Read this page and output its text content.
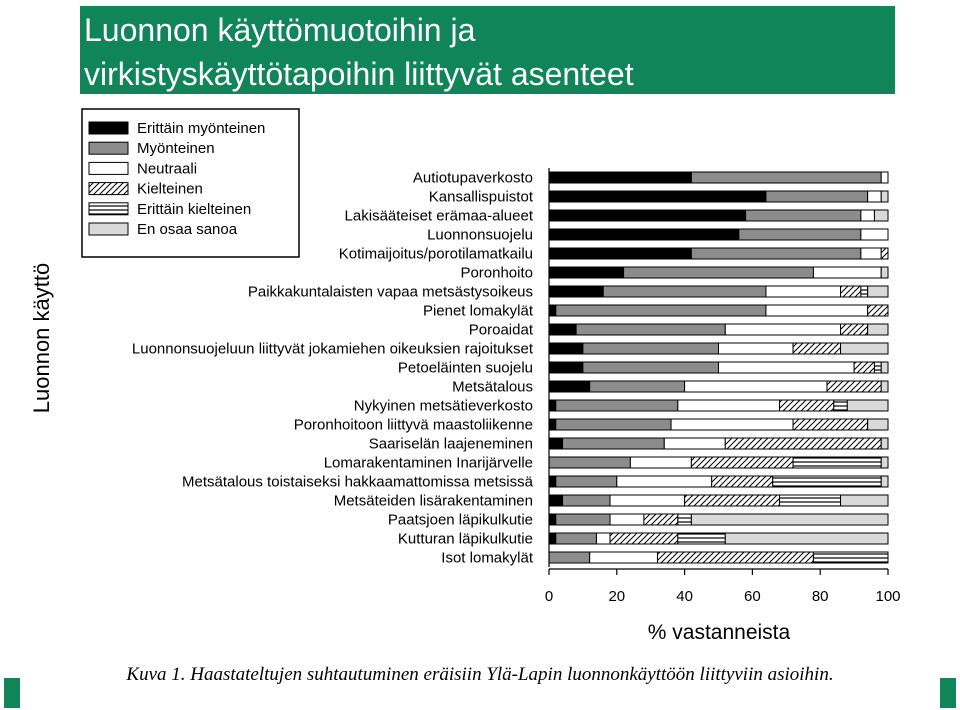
Luonnon käyttömuotoihin ja
virkistyskäyttötapoihin liittyvät asenteet
Luonnon käyttö
Erittäin myönteinen
Myönteinen
Neutraali
Kielteinen
Erittäin kielteinen
En osaa sanoa
Autiotupaverkosto
Kansallispuistot
Lakisääteiset erämaa-alueet
Luonnonsuojelu
Kotimaijoitus/porotilamatkailu
Poronhoito
Paikkakuntalaisten vapaa metsästysoikeus
Pienet lomakylät
Poroaidat
Luonnonsuojeluun liittyvät jokamiehen oikeuksien rajoitukset
Petoeläinten suojelu
Metsätalous
Nykyinen metsätieverkosto
Poronhoitoon liittyvä maastoliikenne
Saariselän laajeneminen
Lomarakentaminen Inarijärvelle
Metsätalous toistaiseksi hakkaamattomissa metsissä
Metsäteiden lisärakentaminen
Paatsjoen läpikulkutie
Kutturan läpikulkutie
Isot lomakylät
0	20	40	60	80	100
% vastanneista
Kuva 1. Haastateltujen suhtautuminen eräisiin Ylä-Lapin luonnonkäyttöön liittyviin asioihin.
